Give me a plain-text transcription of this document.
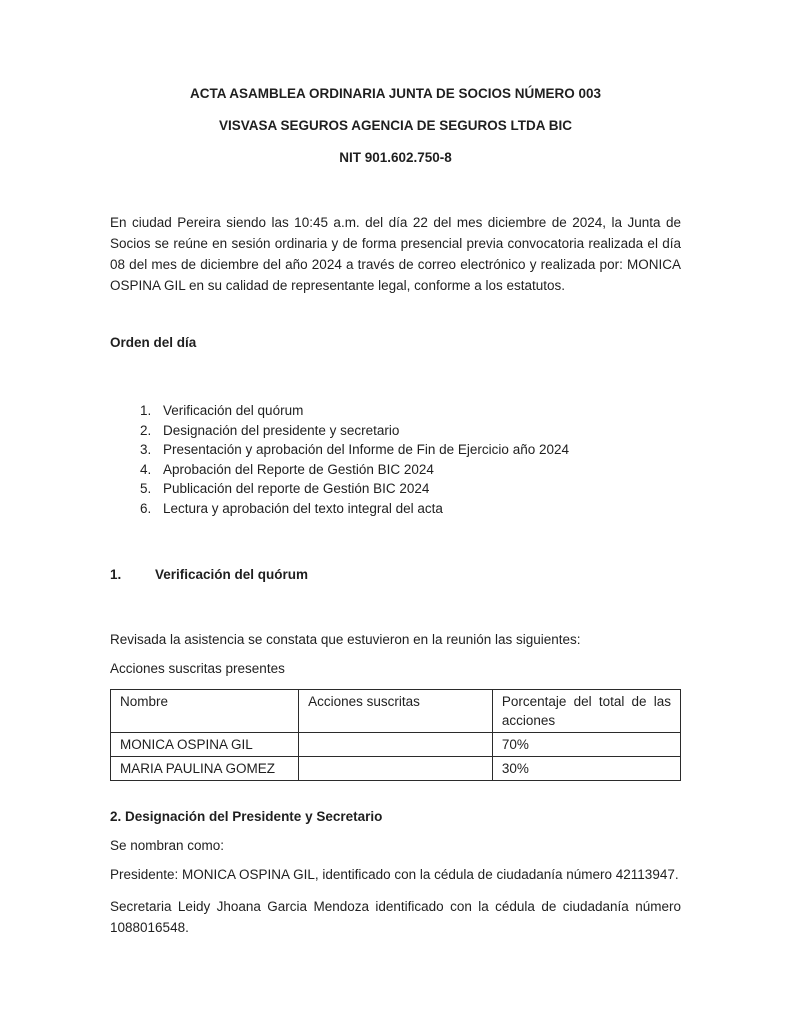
ACTA ASAMBLEA ORDINARIA JUNTA DE SOCIOS NÚMERO 003
VISVASA SEGUROS AGENCIA DE SEGUROS LTDA BIC
NIT 901.602.750-8

En ciudad Pereira siendo las 10:45 a.m. del día 22 del mes diciembre de 2024, la Junta de Socios se reúne en sesión ordinaria y de forma presencial previa convocatoria realizada el día 08 del mes de diciembre del año 2024 a través de correo electrónico y realizada por: MONICA OSPINA GIL en su calidad de representante legal, conforme a los estatutos.

Orden del día
1. Verificación del quórum
2. Designación del presidente y secretario
3. Presentación y aprobación del Informe de Fin de Ejercicio año 2024
4. Aprobación del Reporte de Gestión BIC 2024
5. Publicación del reporte de Gestión BIC 2024
6. Lectura y aprobación del texto integral del acta
1. Verificación del quórum

Revisada la asistencia se constata que estuvieron en la reunión las siguientes:

Acciones suscritas presentes

Nombre	Acciones suscritas	Porcentaje del total de las acciones
MONICA OSPINA GIL		70%
MARIA PAULINA GOMEZ		30%
2. Designación del Presidente y Secretario

Se nombran como:

Presidente: MONICA OSPINA GIL, identificado con la cédula de ciudadanía número 42113947.

Secretaria Leidy Jhoana Garcia Mendoza identificado con la cédula de ciudadanía número 1088016548.
